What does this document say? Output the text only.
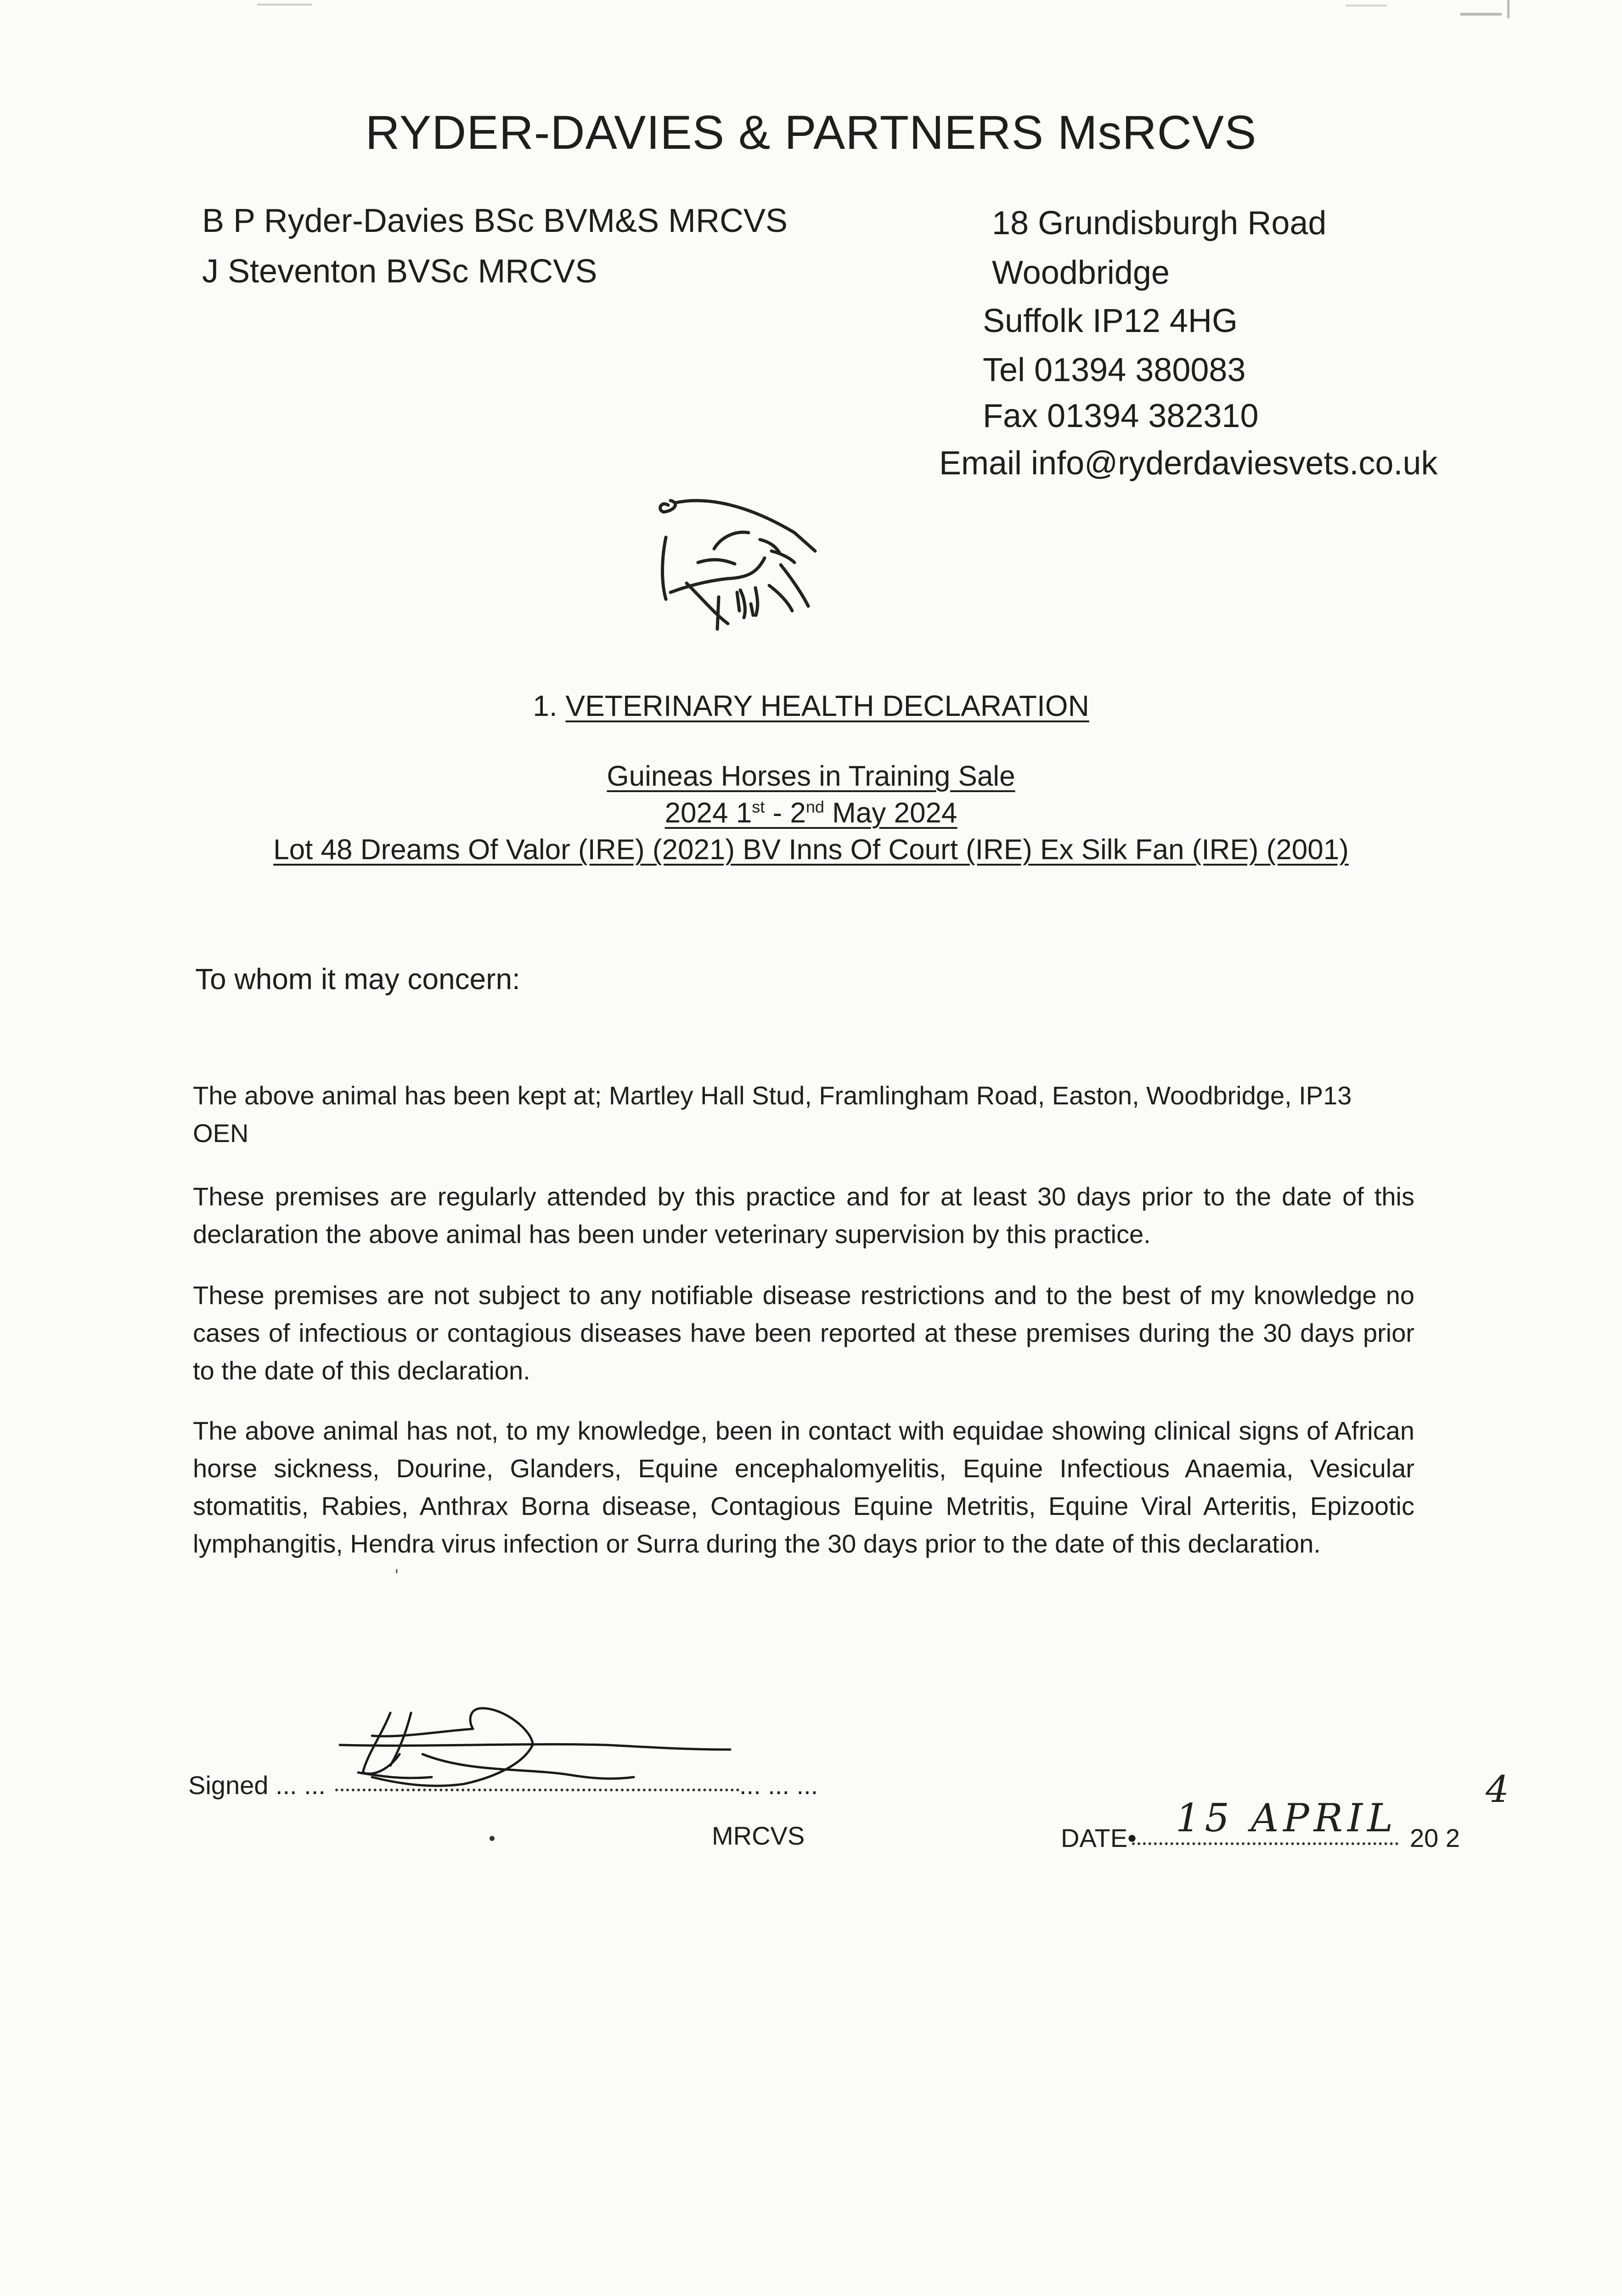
RYDER-DAVIES & PARTNERS MsRCVS
B P Ryder-Davies BSc BVM&S MRCVS
J Steventon BVSc MRCVS
18 Grundisburgh Road
Woodbridge
Suffolk IP12 4HG
Tel 01394 380083
Fax 01394 382310
Email info@ryderdaviesvets.co.uk
1. VETERINARY HEALTH DECLARATION
Guineas Horses in Training Sale
2024 1st - 2nd May 2024
Lot 48 Dreams Of Valor (IRE) (2021) BV Inns Of Court (IRE) Ex Silk Fan (IRE) (2001)
To whom it may concern:
The above animal has been kept at; Martley Hall Stud, Framlingham Road, Easton, Woodbridge, IP13
OEN
These premises are regularly attended by this practice and for at least 30 days prior to the date of this declaration the above animal has been under veterinary supervision by this practice.
These premises are not subject to any notifiable disease restrictions and to the best of my knowledge no cases of infectious or contagious diseases have been reported at these premises during the 30 days prior to the date of this declaration.
The above animal has not, to my knowledge, been in contact with equidae showing clinical signs of African horse sickness, Dourine, Glanders, Equine encephalomyelitis, Equine Infectious Anaemia, Vesicular stomatitis, Rabies, Anthrax Borna disease, Contagious Equine Metritis, Equine Viral Arteritis, Epizootic lymphangitis, Hendra virus infection or Surra during the 30 days prior to the date of this declaration.
'
Signed ... ...	... ... ...
MRCVS	DATE• 15 APRIL 20 2
4
